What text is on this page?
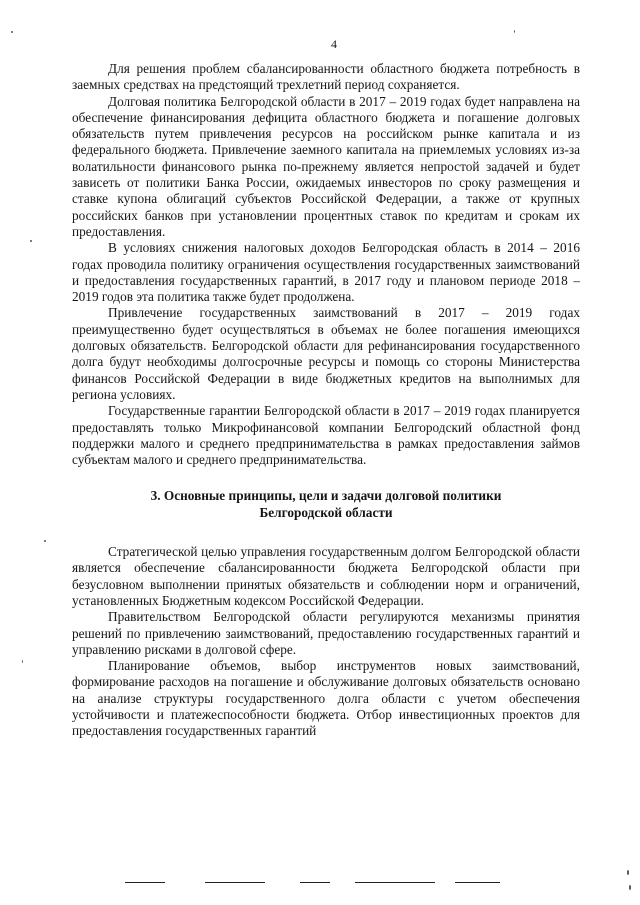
4

Для решения проблем сбалансированности областного бюджета потребность в заемных средствах на предстоящий трехлетний период сохраняется.

Долговая политика Белгородской области в 2017 – 2019 годах будет направлена на обеспечение финансирования дефицита областного бюджета и погашение долговых обязательств путем привлечения ресурсов на российском рынке капитала и из федерального бюджета. Привлечение заемного капитала на приемлемых условиях из-за волатильности финансового рынка по-прежнему является непростой задачей и будет зависеть от политики Банка России, ожидаемых инвесторов по сроку размещения и ставке купона облигаций субъектов Российской Федерации, а также от крупных российских банков при установлении процентных ставок по кредитам и срокам их предоставления.

В условиях снижения налоговых доходов Белгородская область в 2014 – 2016 годах проводила политику ограничения осуществления государственных заимствований и предоставления государственных гарантий, в 2017 году и плановом периоде 2018 – 2019 годов эта политика также будет продолжена.

Привлечение государственных заимствований в 2017 – 2019 годах преимущественно будет осуществляться в объемах не более погашения имеющихся долговых обязательств. Белгородской области для рефинансирования государственного долга будут необходимы долгосрочные ресурсы и помощь со стороны Министерства финансов Российской Федерации в виде бюджетных кредитов на выполнимых для региона условиях.

Государственные гарантии Белгородской области в 2017 – 2019 годах планируется предоставлять только Микрофинансовой компании Белгородский областной фонд поддержки малого и среднего предпринимательства в рамках предоставления займов субъектам малого и среднего предпринимательства.

3. Основные принципы, цели и задачи долговой политики
Белгородской области

Стратегической целью управления государственным долгом Белгородской области является обеспечение сбалансированности бюджета Белгородской области при безусловном выполнении принятых обязательств и соблюдении норм и ограничений, установленных Бюджетным кодексом Российской Федерации.

Правительством Белгородской области регулируются механизмы принятия решений по привлечению заимствований, предоставлению государственных гарантий и управлению рисками в долговой сфере.

Планирование объемов, выбор инструментов новых заимствований, формирование расходов на погашение и обслуживание долговых обязательств основано на анализе структуры государственного долга области с учетом обеспечения устойчивости и платежеспособности бюджета. Отбор инвестиционных проектов для предоставления государственных гарантий
